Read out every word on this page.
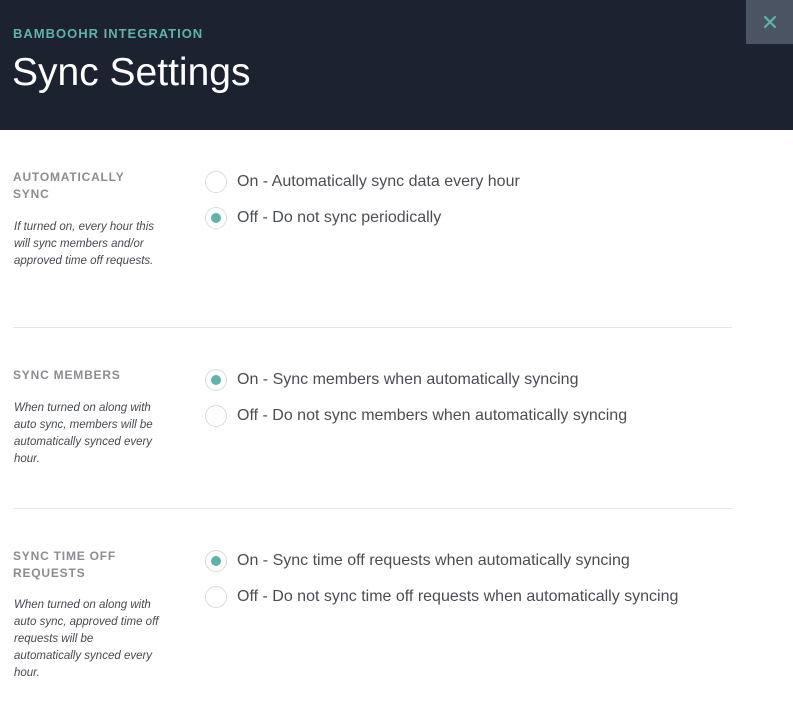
BAMBOOHR INTEGRATION
Sync Settings
AUTOMATICALLY SYNC
If turned on, every hour this will sync members and/or approved time off requests.
On - Automatically sync data every hour
Off - Do not sync periodically
SYNC MEMBERS
When turned on along with auto sync, members will be automatically synced every hour.
On - Sync members when automatically syncing
Off - Do not sync members when automatically syncing
SYNC TIME OFF REQUESTS
When turned on along with auto sync, approved time off requests will be automatically synced every hour.
On - Sync time off requests when automatically syncing
Off - Do not sync time off requests when automatically syncing
